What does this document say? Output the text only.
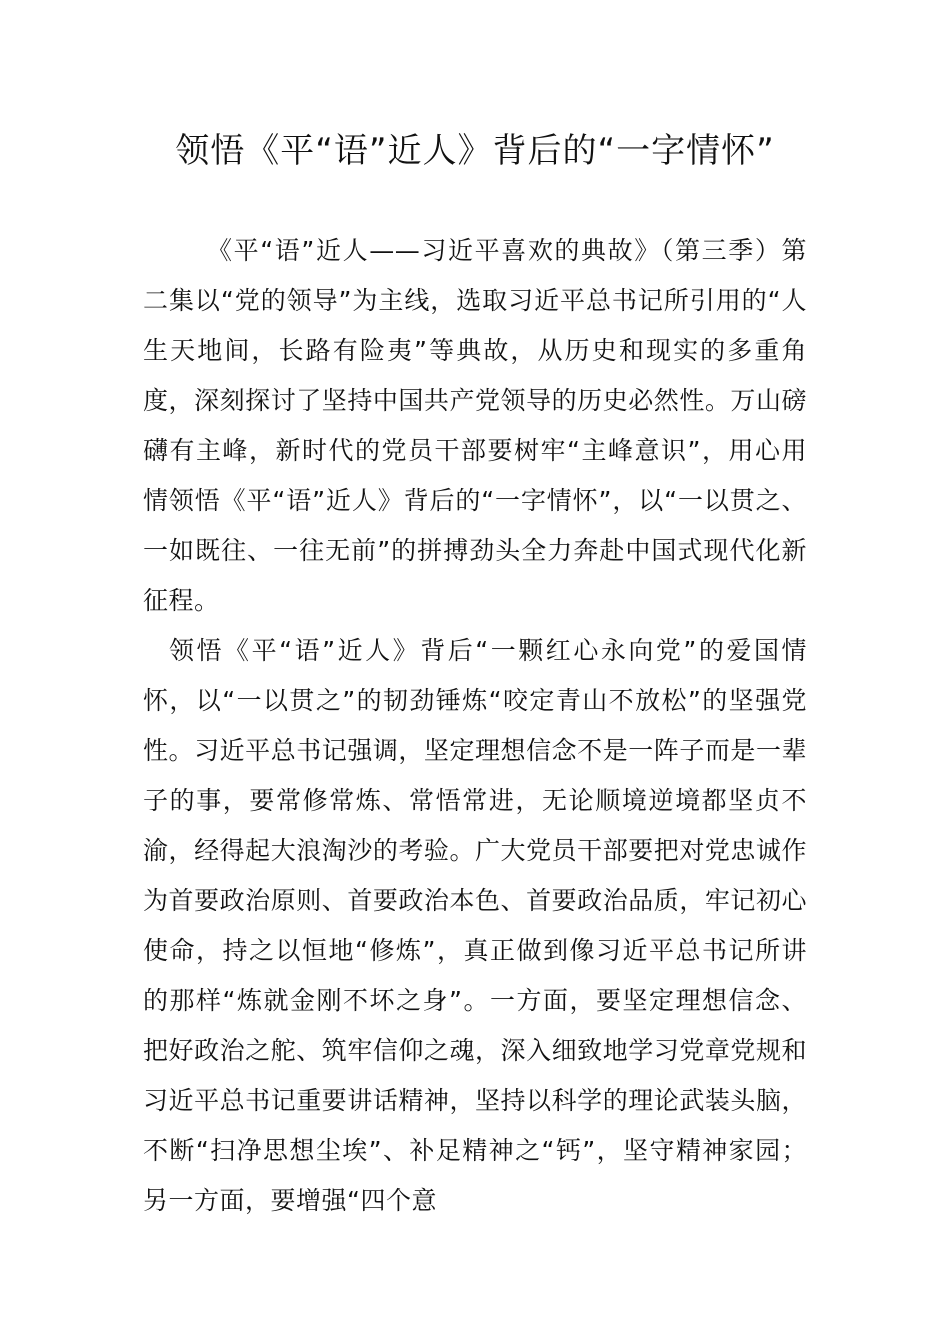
领悟《平“语”近人》背后的“一字情怀”

《平“语”近人——习近平喜欢的典故》（第三季）第二集以“党的领导”为主线，选取习近平总书记所引用的“人生天地间，长路有险夷”等典故，从历史和现实的多重角度，深刻探讨了坚持中国共产党领导的历史必然性。万山磅礴有主峰，新时代的党员干部要树牢“主峰意识”，用心用情领悟《平“语”近人》背后的“一字情怀”，以“一以贯之、一如既往、一往无前”的拼搏劲头全力奔赴中国式现代化新征程。

领悟《平“语”近人》背后“一颗红心永向党”的爱国情怀，以“一以贯之”的韧劲锤炼“咬定青山不放松”的坚强党性。习近平总书记强调，坚定理想信念不是一阵子而是一辈子的事，要常修常炼、常悟常进，无论顺境逆境都坚贞不渝，经得起大浪淘沙的考验。广大党员干部要把对党忠诚作为首要政治原则、首要政治本色、首要政治品质，牢记初心使命，持之以恒地“修炼”，真正做到像习近平总书记所讲的那样“炼就金刚不坏之身”。一方面，要坚定理想信念、把好政治之舵、筑牢信仰之魂，深入细致地学习党章党规和习近平总书记重要讲话精神，坚持以科学的理论武装头脑，不断“扫净思想尘埃”、补足精神之“钙”，坚守精神家园；另一方面，要增强“四个意
